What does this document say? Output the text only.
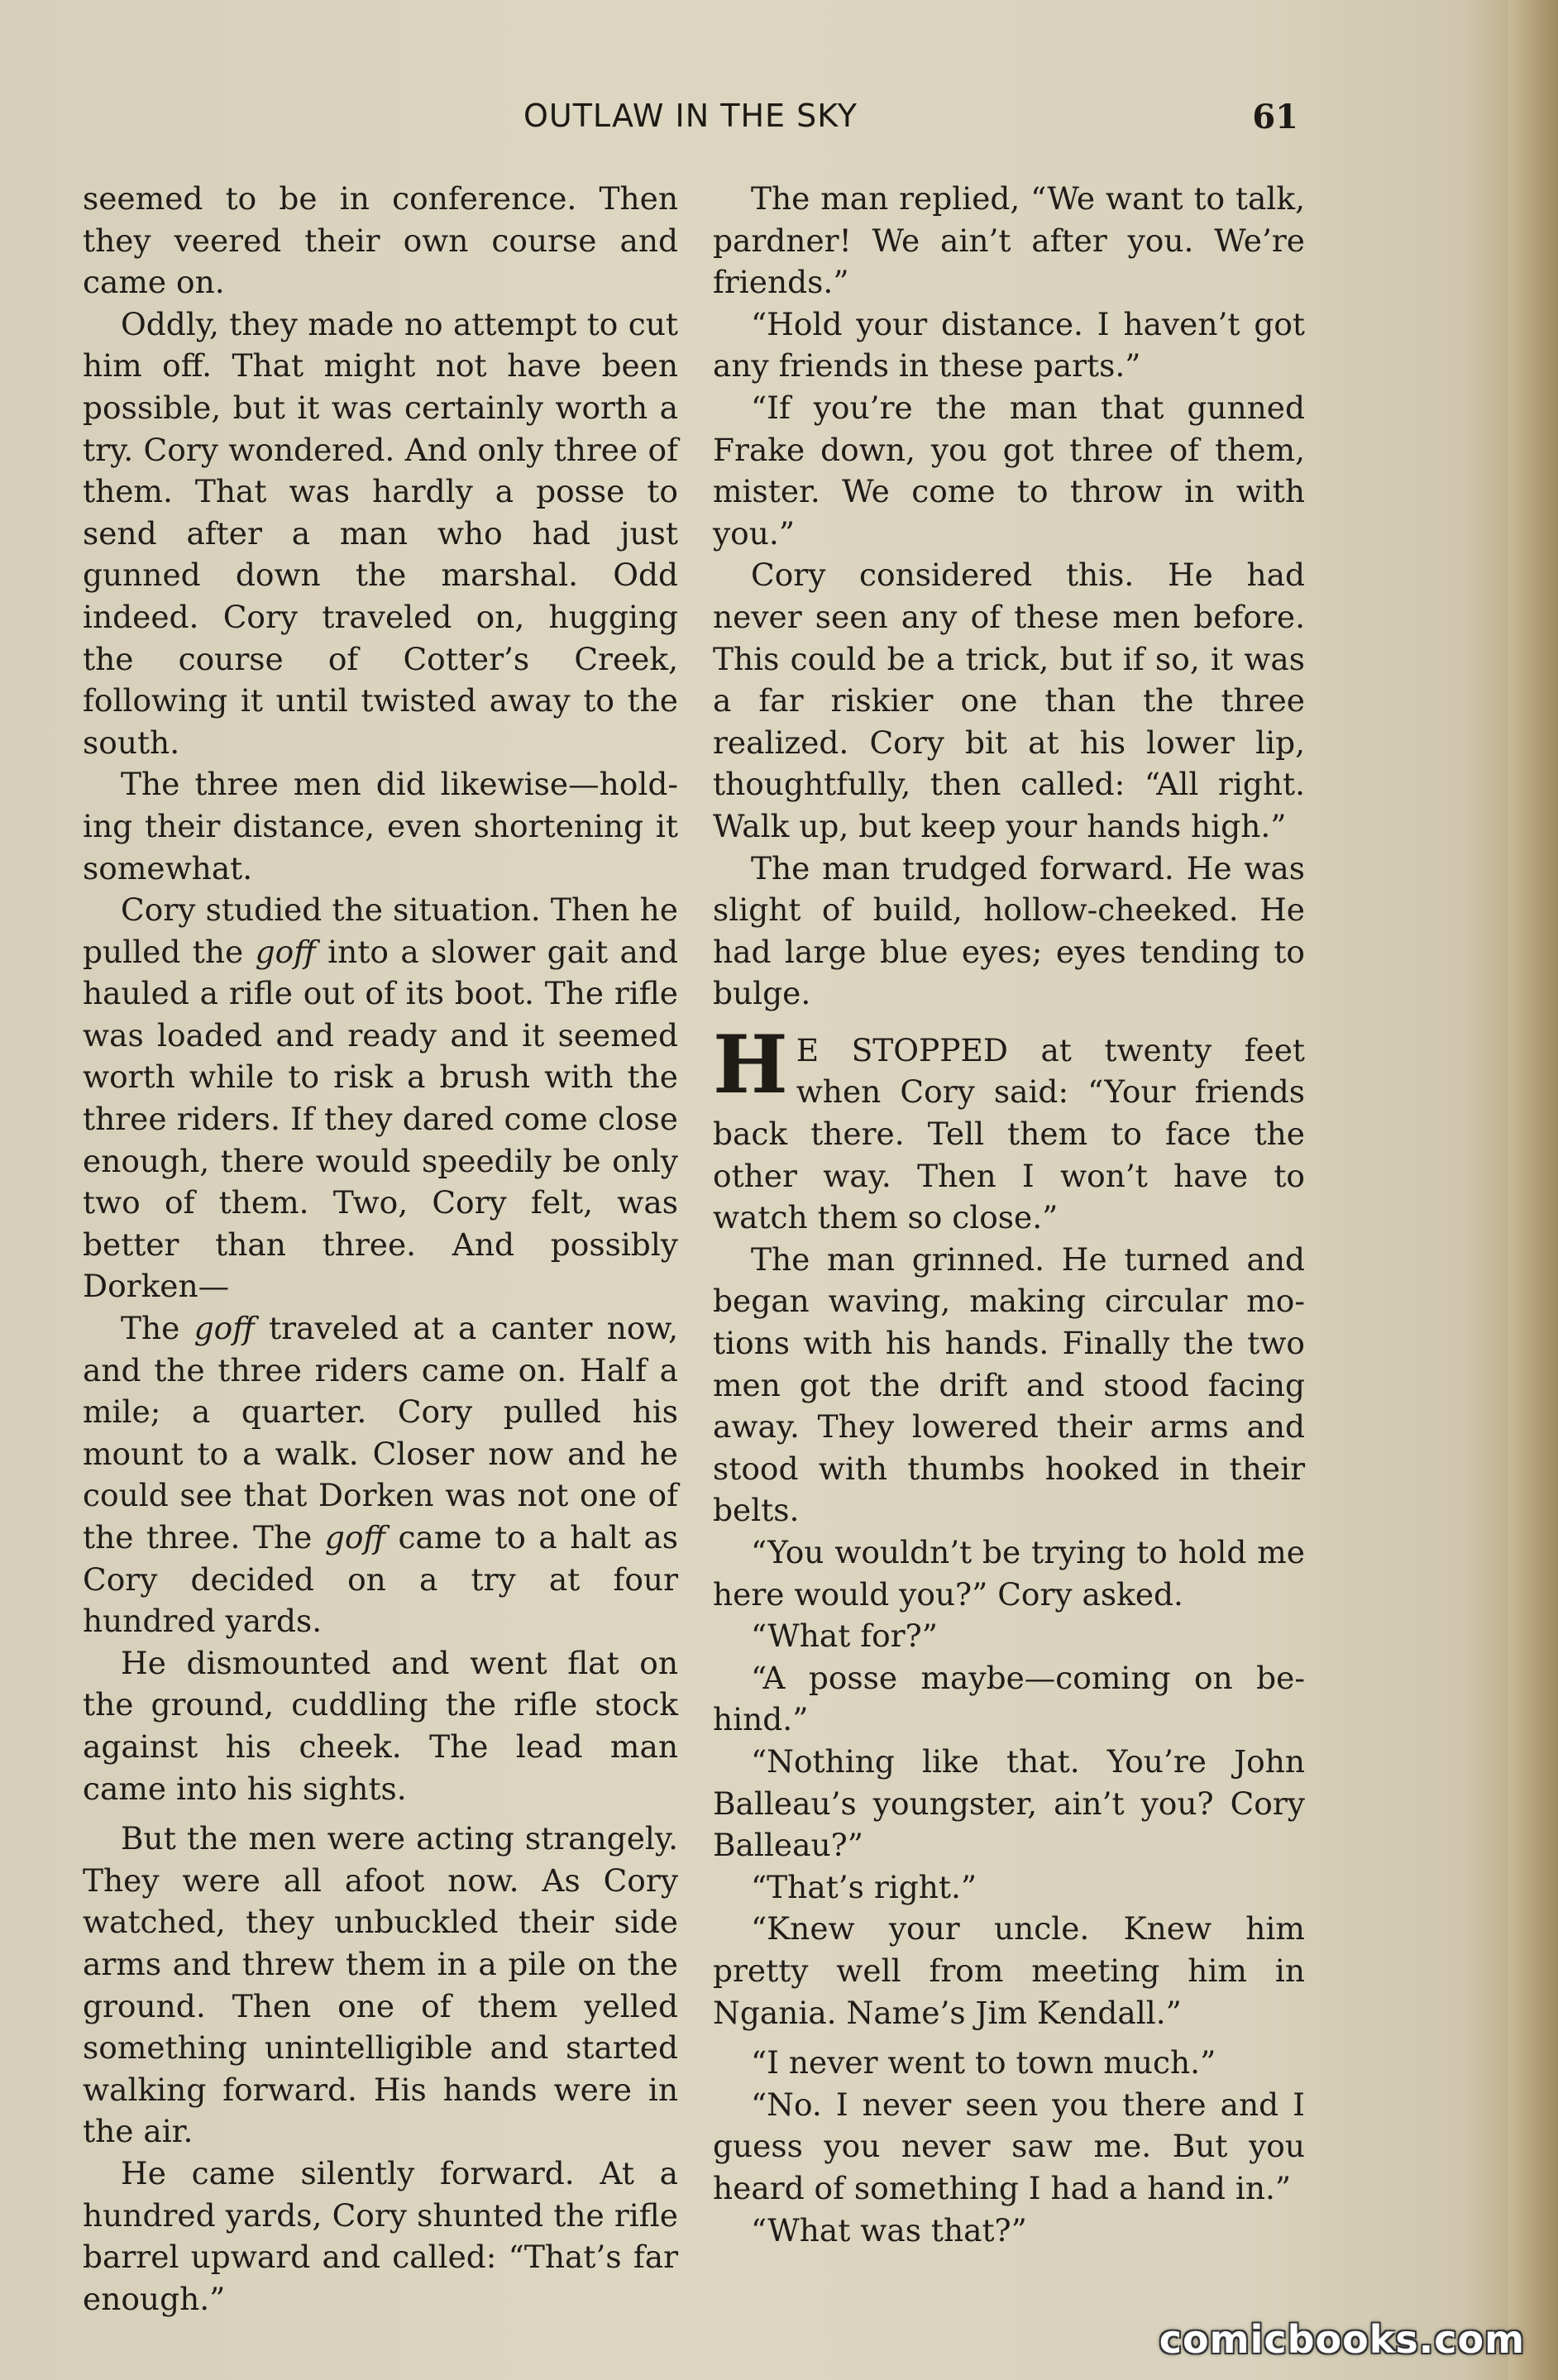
OUTLAW IN THE SKY	61

seemed to be in conference. Then they veered their own course and came on.

Oddly, they made no attempt to cut him off. That might not have been possible, but it was certainly worth a try. Cory wondered. And only three of them. That was hardly a posse to send after a man who had just gunned down the marshal. Odd indeed. Cory traveled on, hugging the course of Cotter’s Creek, following it until twisted away to the south.

The three men did likewise—holding their distance, even shortening it somewhat.

Cory studied the situation. Then he pulled the goff into a slower gait and hauled a rifle out of its boot. The rifle was loaded and ready and it seemed worth while to risk a brush with the three riders. If they dared come close enough, there would speedily be only two of them. Two, Cory felt, was better than three. And possibly Dorken—

The goff traveled at a canter now, and the three riders came on. Half a mile; a quarter. Cory pulled his mount to a walk. Closer now and he could see that Dorken was not one of the three. The goff came to a halt as Cory decided on a try at four hundred yards.

He dismounted and went flat on the ground, cuddling the rifle stock against his cheek. The lead man came into his sights.

But the men were acting strangely. They were all afoot now. As Cory watched, they unbuckled their side arms and threw them in a pile on the ground. Then one of them yelled something unintelligible and started walking forward. His hands were in the air.

He came silently forward. At a hundred yards, Cory shunted the rifle barrel upward and called: “That’s far enough.”

The man replied, “We want to talk, pardner! We ain’t after you. We’re friends.”

“Hold your distance. I haven’t got any friends in these parts.”

“If you’re the man that gunned Frake down, you got three of them, mister. We come to throw in with you.”

Cory considered this. He had never seen any of these men before. This could be a trick, but if so, it was a far riskier one than the three realized. Cory bit at his lower lip, thoughtfully, then called: “All right. Walk up, but keep your hands high.”

The man trudged forward. He was slight of build, hollow-cheeked. He had large blue eyes; eyes tending to bulge.

H E STOPPED at twenty feet when Cory said: “Your friends back there. Tell them to face the other way. Then I won’t have to watch them so close.”

The man grinned. He turned and began waving, making circular motions with his hands. Finally the two men got the drift and stood facing away. They lowered their arms and stood with thumbs hooked in their belts.

“You wouldn’t be trying to hold me here would you?” Cory asked.

“What for?”

“A posse maybe—coming on behind.”

“Nothing like that. You’re John Balleau’s youngster, ain’t you? Cory Balleau?”

“That’s right.”

“Knew your uncle. Knew him pretty well from meeting him in Ngania. Name’s Jim Kendall.”

“I never went to town much.”

“No. I never seen you there and I guess you never saw me. But you heard of something I had a hand in.”

“What was that?”

comicbooks.com
